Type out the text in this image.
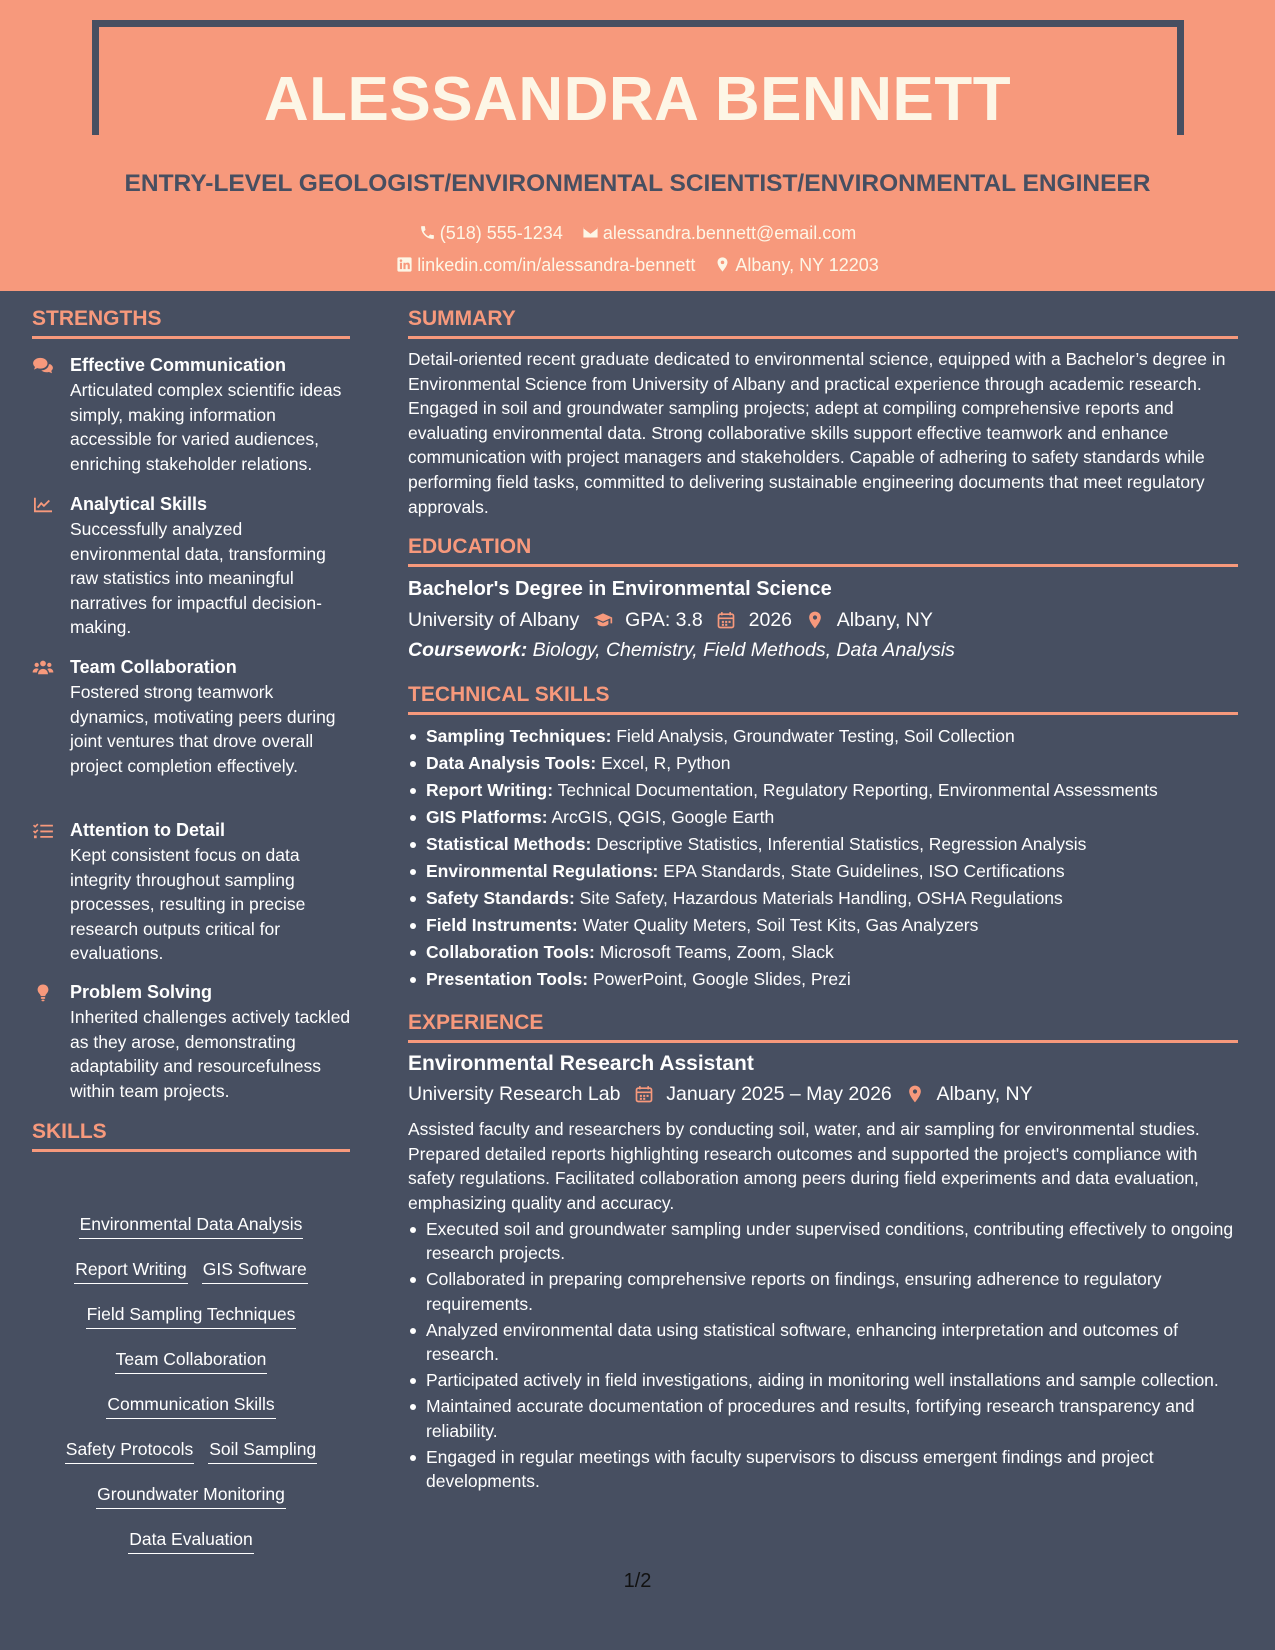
ALESSANDRA BENNETT
ENTRY-LEVEL GEOLOGIST/ENVIRONMENTAL SCIENTIST/ENVIRONMENTAL ENGINEER
(518) 555-1234 alessandra.bennett@email.com
linkedin.com/in/alessandra-bennett Albany, NY 12203
STRENGTHS
Effective Communication
Articulated complex scientific ideas simply, making information accessible for varied audiences, enriching stakeholder relations.
Analytical Skills
Successfully analyzed environmental data, transforming raw statistics into meaningful narratives for impactful decision-making.
Team Collaboration
Fostered strong teamwork dynamics, motivating peers during joint ventures that drove overall project completion effectively.
Attention to Detail
Kept consistent focus on data integrity throughout sampling processes, resulting in precise research outputs critical for evaluations.
Problem Solving
Inherited challenges actively tackled as they arose, demonstrating adaptability and resourcefulness within team projects.
SKILLS
Environmental Data Analysis
Report Writing GIS Software
Field Sampling Techniques
Team Collaboration
Communication Skills
Safety Protocols Soil Sampling
Groundwater Monitoring
Data Evaluation
SUMMARY
Detail-oriented recent graduate dedicated to environmental science, equipped with a Bachelor’s degree in Environmental Science from University of Albany and practical experience through academic research. Engaged in soil and groundwater sampling projects; adept at compiling comprehensive reports and evaluating environmental data. Strong collaborative skills support effective teamwork and enhance communication with project managers and stakeholders. Capable of adhering to safety standards while performing field tasks, committed to delivering sustainable engineering documents that meet regulatory approvals.
EDUCATION
Bachelor's Degree in Environmental Science
University of Albany GPA: 3.8 2026 Albany, NY
Coursework: Biology, Chemistry, Field Methods, Data Analysis
TECHNICAL SKILLS
Sampling Techniques: Field Analysis, Groundwater Testing, Soil Collection
Data Analysis Tools: Excel, R, Python
Report Writing: Technical Documentation, Regulatory Reporting, Environmental Assessments
GIS Platforms: ArcGIS, QGIS, Google Earth
Statistical Methods: Descriptive Statistics, Inferential Statistics, Regression Analysis
Environmental Regulations: EPA Standards, State Guidelines, ISO Certifications
Safety Standards: Site Safety, Hazardous Materials Handling, OSHA Regulations
Field Instruments: Water Quality Meters, Soil Test Kits, Gas Analyzers
Collaboration Tools: Microsoft Teams, Zoom, Slack
Presentation Tools: PowerPoint, Google Slides, Prezi
EXPERIENCE
Environmental Research Assistant
University Research Lab January 2025 – May 2026 Albany, NY
Assisted faculty and researchers by conducting soil, water, and air sampling for environmental studies. Prepared detailed reports highlighting research outcomes and supported the project's compliance with safety regulations. Facilitated collaboration among peers during field experiments and data evaluation, emphasizing quality and accuracy.
Executed soil and groundwater sampling under supervised conditions, contributing effectively to ongoing research projects.
Collaborated in preparing comprehensive reports on findings, ensuring adherence to regulatory requirements.
Analyzed environmental data using statistical software, enhancing interpretation and outcomes of research.
Participated actively in field investigations, aiding in monitoring well installations and sample collection.
Maintained accurate documentation of procedures and results, fortifying research transparency and reliability.
Engaged in regular meetings with faculty supervisors to discuss emergent findings and project developments.
1/2
